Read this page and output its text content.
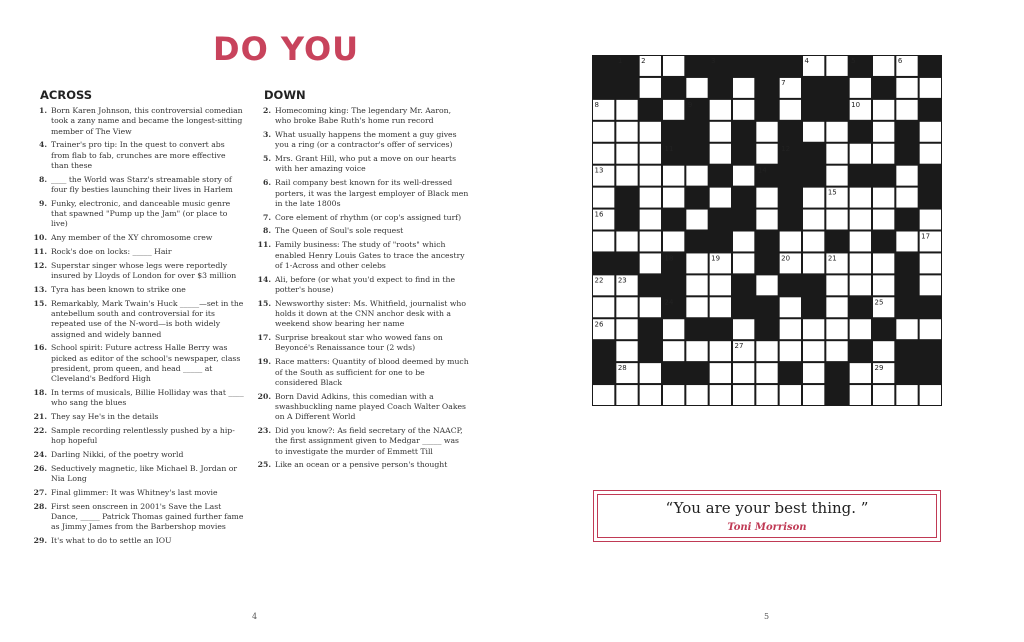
DO YOU
ACROSS	DOWN
1. Born Karen Johnson, this controversial comedian took a zany name and became the longest-sitting member of The View
4. Trainer's pro tip: In the quest to convert abs from flab to fab, crunches are more effective than these
8. ____ the World was Starz's streamable story of four fly besties launching their lives in Harlem
9. Funky, electronic, and danceable music genre that spawned "Pump up the Jam" (or place to live)
10. Any member of the XY chromosome crew
11. Rock's doe on locks: _____ Hair
12. Superstar singer whose legs were reportedly insured by Lloyds of London for over $3 million
13. Tyra has been known to strike one
15. Remarkably, Mark Twain's Huck _____—set in the antebellum south and controversial for its repeated use of the N-word—is both widely assigned and widely banned
16. School spirit: Future actress Halle Berry was picked as editor of the school's newspaper, class president, prom queen, and head _____ at Cleveland's Bedford High
18. In terms of musicals, Billie Holliday was that ____ who sang the blues
21. They say He's in the details
22. Sample recording relentlessly pushed by a hip-hop hopeful
24. Darling Nikki, of the poetry world
26. Seductively magnetic, like Michael B. Jordan or Nia Long
27. Final glimmer: It was Whitney's last movie
28. First seen onscreen in 2001's Save the Last Dance, _____ Patrick Thomas gained further fame as Jimmy James from the Barbershop movies
29. It's what to do to settle an IOU
2. Homecoming king: The legendary Mr. Aaron, who broke Babe Ruth's home run record
3. What usually happens the moment a guy gives you a ring (or a contractor's offer of services)
5. Mrs. Grant Hill, who put a move on our hearts with her amazing voice
6. Rail company best known for its well-dressed porters, it was the largest employer of Black men in the late 1800s
7. Core element of rhythm (or cop's assigned turf)
8. The Queen of Soul's sole request
11. Family business: The study of "roots" which enabled Henry Louis Gates to trace the ancestry of 1-Across and other celebs
14. Ali, before (or what you'd expect to find in the potter's house)
15. Newsworthy sister: Ms. Whitfield, journalist who holds it down at the CNN anchor desk with a weekend show bearing her name
17. Surprise breakout star who wowed fans on Beyoncé's Renaissance tour (2 wds)
19. Race matters: Quantity of blood deemed by much of the South as sufficient for one to be considered Black
20. Born David Adkins, this comedian with a swashbuckling name played Coach Walter Oakes on A Different World
23. Did you know?: As field secretary of the NAACP, the first assignment given to Medgar _____ was to investigate the murder of Emmett Till
25. Like an ocean or a pensive person's thought
1	2	3	4	5	6
7
8	9	10
11	12
13	14
15
16
17
18	19	20	21
22 23
24	25
26
27
28	29
“You are your best thing. ”
Toni Morrison
4	5
